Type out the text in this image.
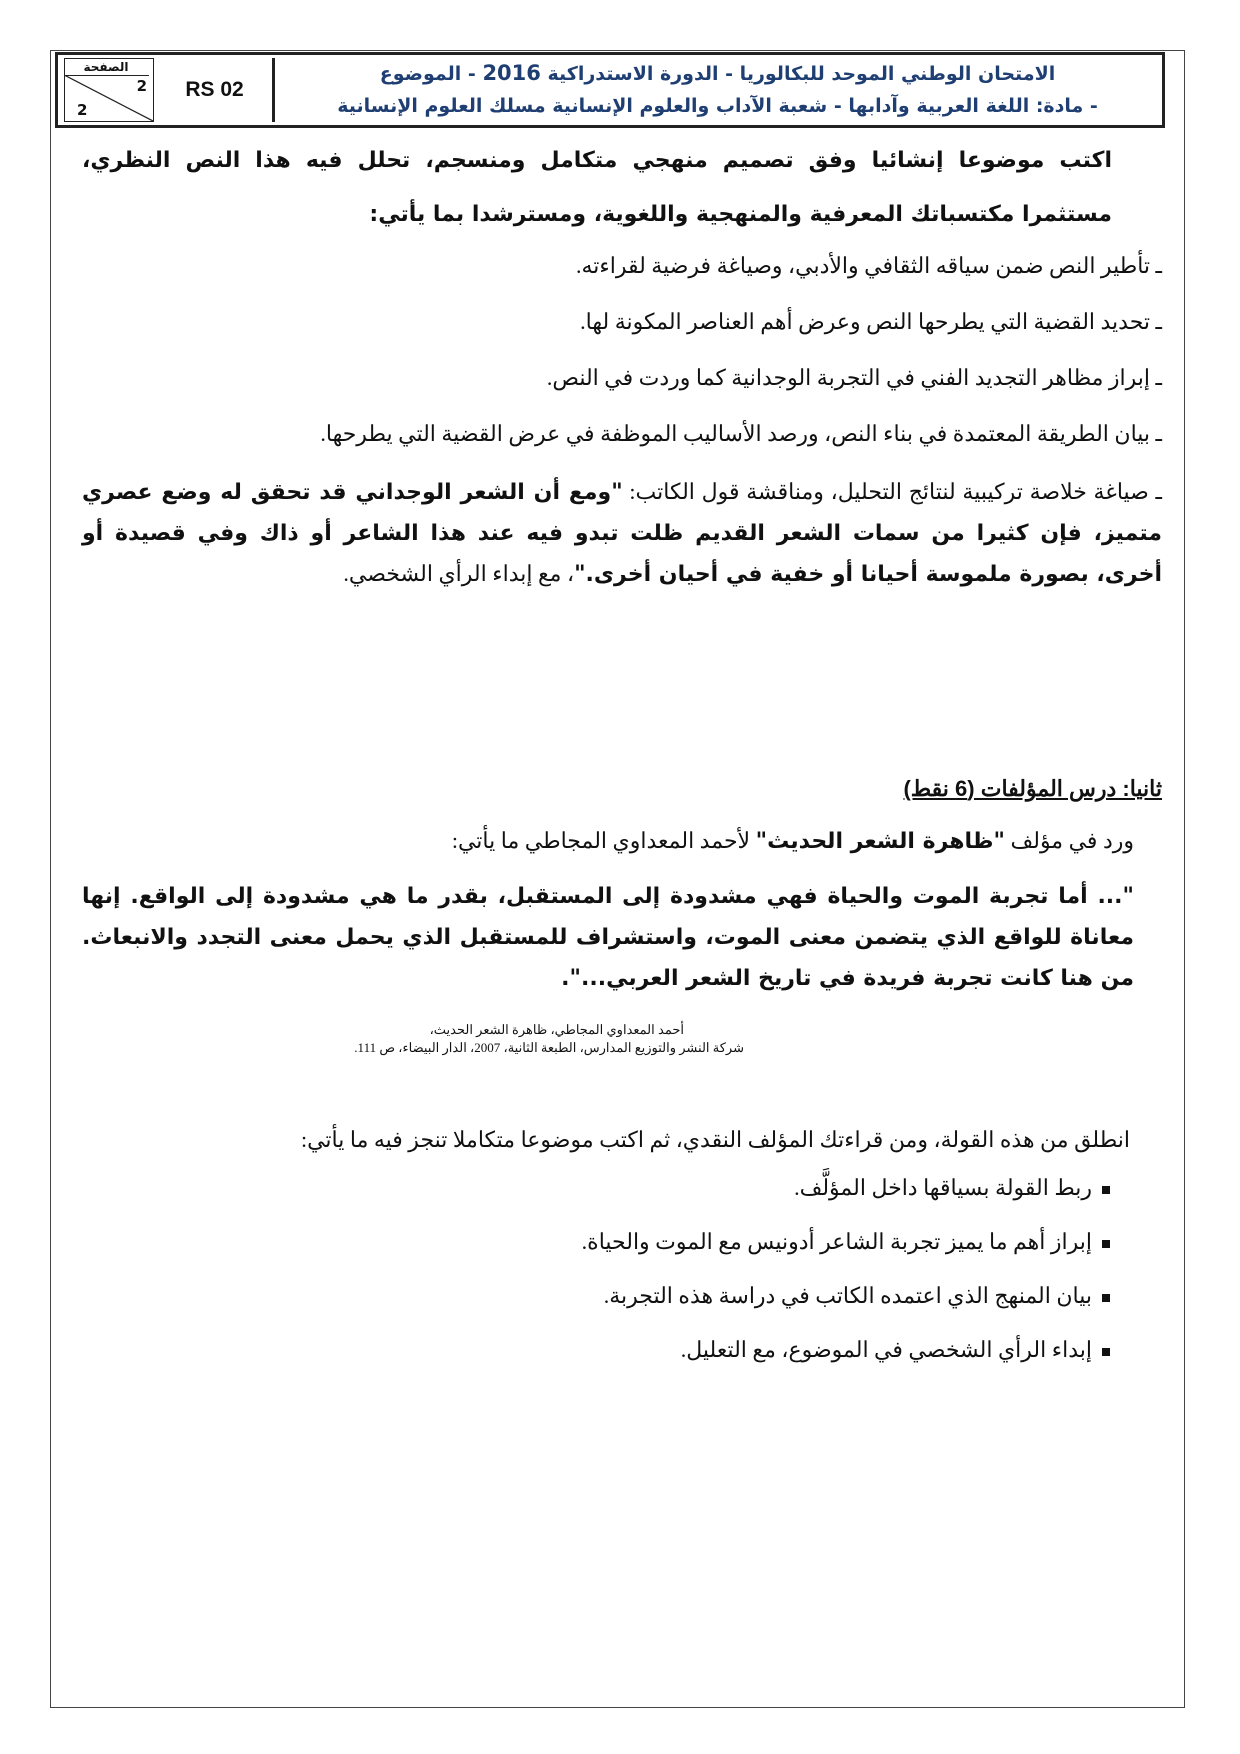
الصفحة
2
2
RS 02
الامتحان الوطني الموحد للبكالوريا - الدورة الاستدراكية 2016 - الموضوع
- مادة: اللغة العربية وآدابها - شعبة الآداب والعلوم الإنسانية مسلك العلوم الإنسانية
اكتب موضوعا إنشائيا وفق تصميم منهجي متكامل ومنسجم، تحلل فيه هذا النص النظري، مستثمرا مكتسباتك المعرفية والمنهجية واللغوية، ومسترشدا بما يأتي:
ـ تأطير النص ضمن سياقه الثقافي والأدبي، وصياغة فرضية لقراءته.
ـ تحديد القضية التي يطرحها النص وعرض أهم العناصر المكونة لها.
ـ إبراز مظاهر التجديد الفني في التجربة الوجدانية كما وردت في النص.
ـ بيان الطريقة المعتمدة في بناء النص، ورصد الأساليب الموظفة في عرض القضية التي يطرحها.
ـ صياغة خلاصة تركيبية لنتائج التحليل، ومناقشة قول الكاتب: "ومع أن الشعر الوجداني قد تحقق له وضع عصري متميز، فإن كثيرا من سمات الشعر القديم ظلت تبدو فيه عند هذا الشاعر أو ذاك وفي قصيدة أو أخرى، بصورة ملموسة أحيانا أو خفية في أحيان أخرى."، مع إبداء الرأي الشخصي.
ثانيا: درس المؤلفات (6 نقط)
ورد في مؤلف "ظاهرة الشعر الحديث" لأحمد المعداوي المجاطي ما يأتي:
"... أما تجربة الموت والحياة فهي مشدودة إلى المستقبل، بقدر ما هي مشدودة إلى الواقع. إنها معاناة للواقع الذي يتضمن معنى الموت، واستشراف للمستقبل الذي يحمل معنى التجدد والانبعاث. من هنا كانت تجربة فريدة في تاريخ الشعر العربي...".
أحمد المعداوي المجاطي، ظاهرة الشعر الحديث،
شركة النشر والتوزيع المدارس، الطبعة الثانية، 2007، الدار البيضاء، ص 111.
انطلق من هذه القولة، ومن قراءتك المؤلف النقدي، ثم اكتب موضوعا متكاملا تنجز فيه ما يأتي:
ربط القولة بسياقها داخل المؤلَّف.
إبراز أهم ما يميز تجربة الشاعر أدونيس مع الموت والحياة.
بيان المنهج الذي اعتمده الكاتب في دراسة هذه التجربة.
إبداء الرأي الشخصي في الموضوع، مع التعليل.
